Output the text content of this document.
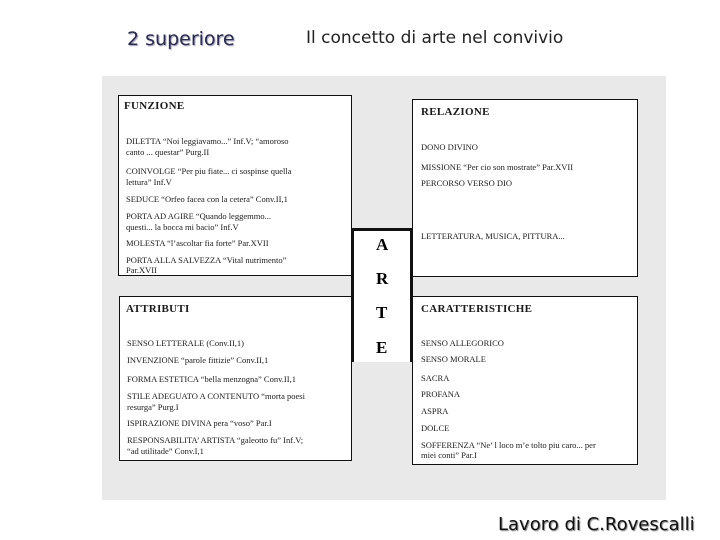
2 superiore	Il concetto di arte nel convivio
FUNZIONE
DILETTA “Noi leggiavamo...” Inf.V; “amoroso
canto ... questar” Purg.II
COINVOLGE “Per piu fiate... ci sospinse quella
lettura” Inf.V
SEDUCE “Orfeo facea con la cetera” Conv.II,1
PORTA AD AGIRE “Quando leggemmo...
questi... la bocca mi bacio” Inf.V
MOLESTA “l’ascoltar fia forte” Par.XVII
PORTA ALLA SALVEZZA “Vital nutrimento”
Par.XVII
RELAZIONE
DONO DIVINO
MISSIONE “Per cio son mostrate” Par.XVII
PERCORSO VERSO DIO
LETTERATURA, MUSICA, PITTURA...
ATTRIBUTI
SENSO LETTERALE (Conv.II,1)
INVENZIONE “parole fittizie” Conv.II,1
FORMA ESTETICA “bella menzogna” Conv.II,1
STILE ADEGUATO A CONTENUTO “morta poesi
resurga” Purg.I
ISPIRAZIONE DIVINA pera “voso” Par.I
RESPONSABILITA’ ARTISTA “galeotto fu” Inf.V;
“ad utilitade” Conv.I,1
CARATTERISTICHE
SENSO ALLEGORICO
SENSO MORALE
SACRA
PROFANA
ASPRA
DOLCE
SOFFERENZA “Ne’ l loco m’e tolto piu caro... per
miei conti” Par.I
A
R
T
E
Lavoro di C.Rovescalli
